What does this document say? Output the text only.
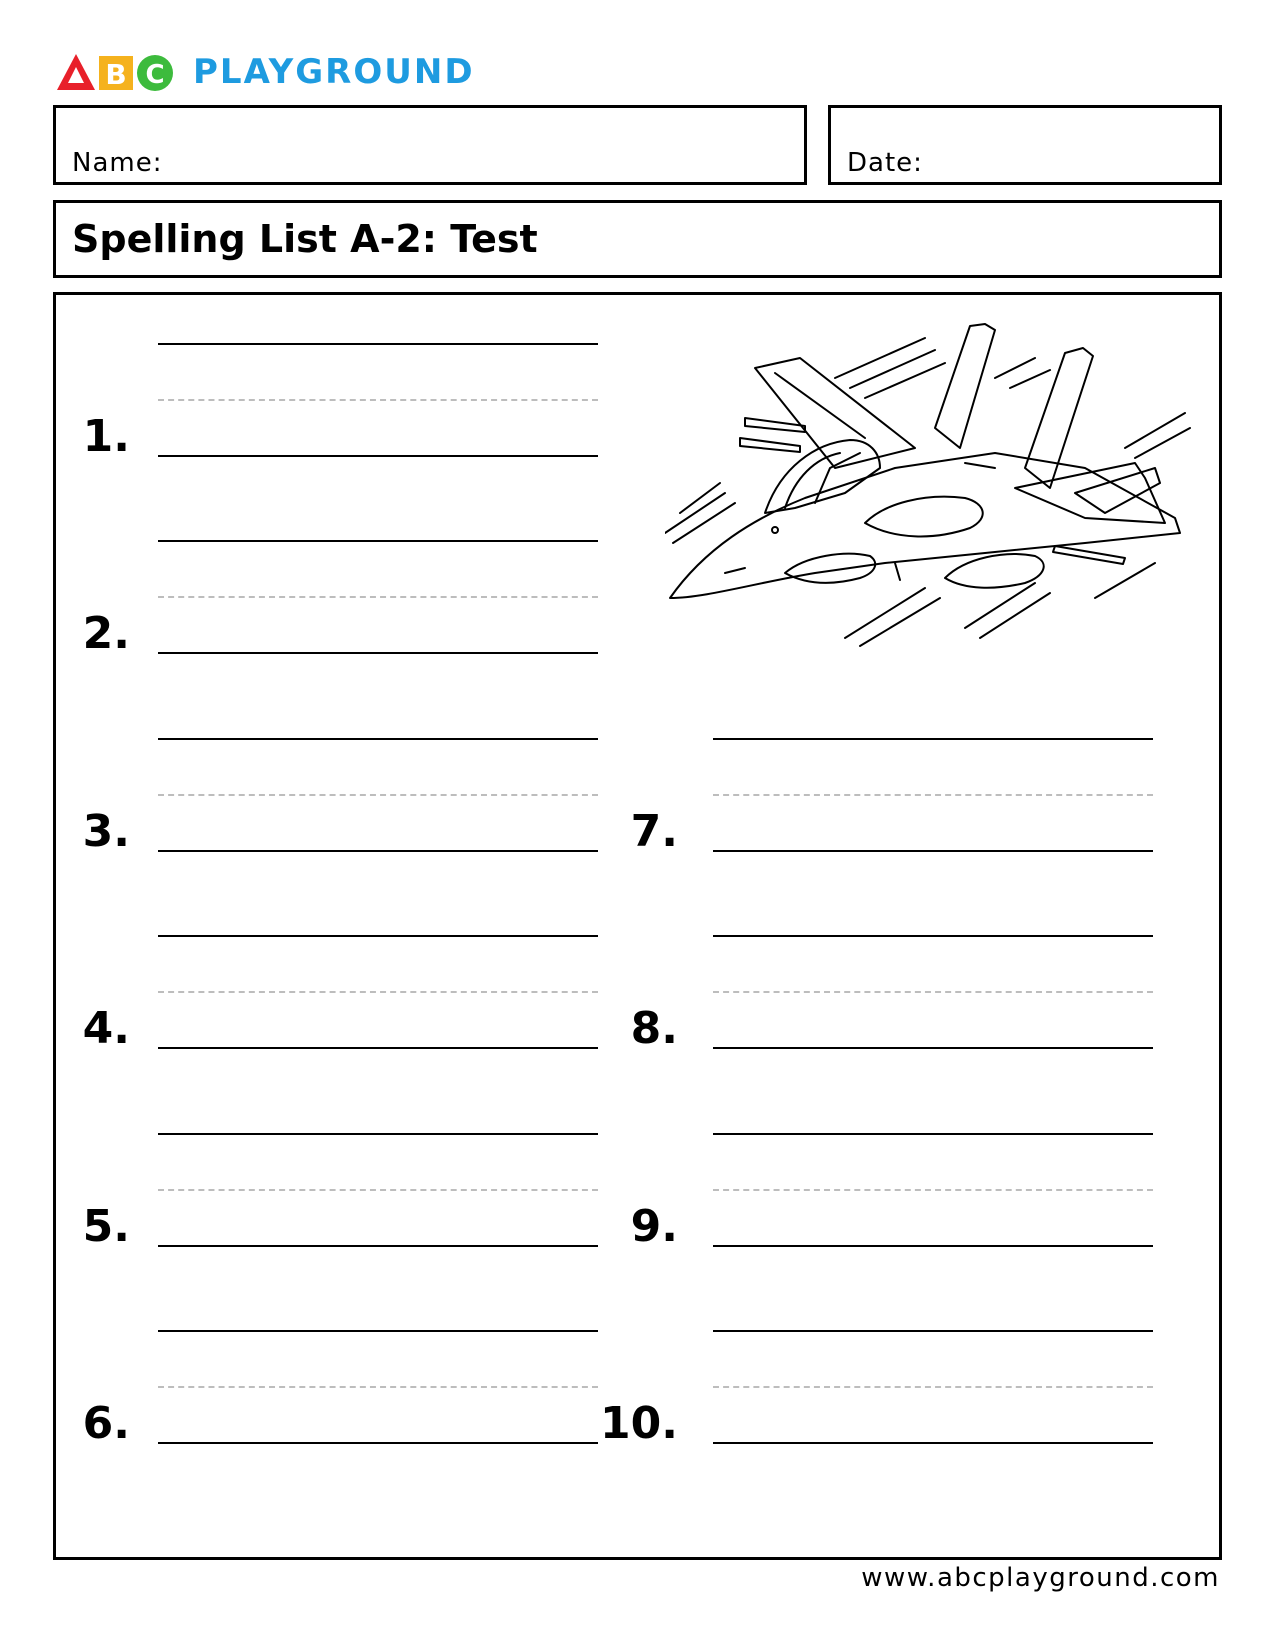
B C PLAYGROUND
Name:	Date:
Spelling List A-2: Test
1.
2.
3.
4.
5.
6.
7.
8.
9.
10.
www.abcplayground.com
